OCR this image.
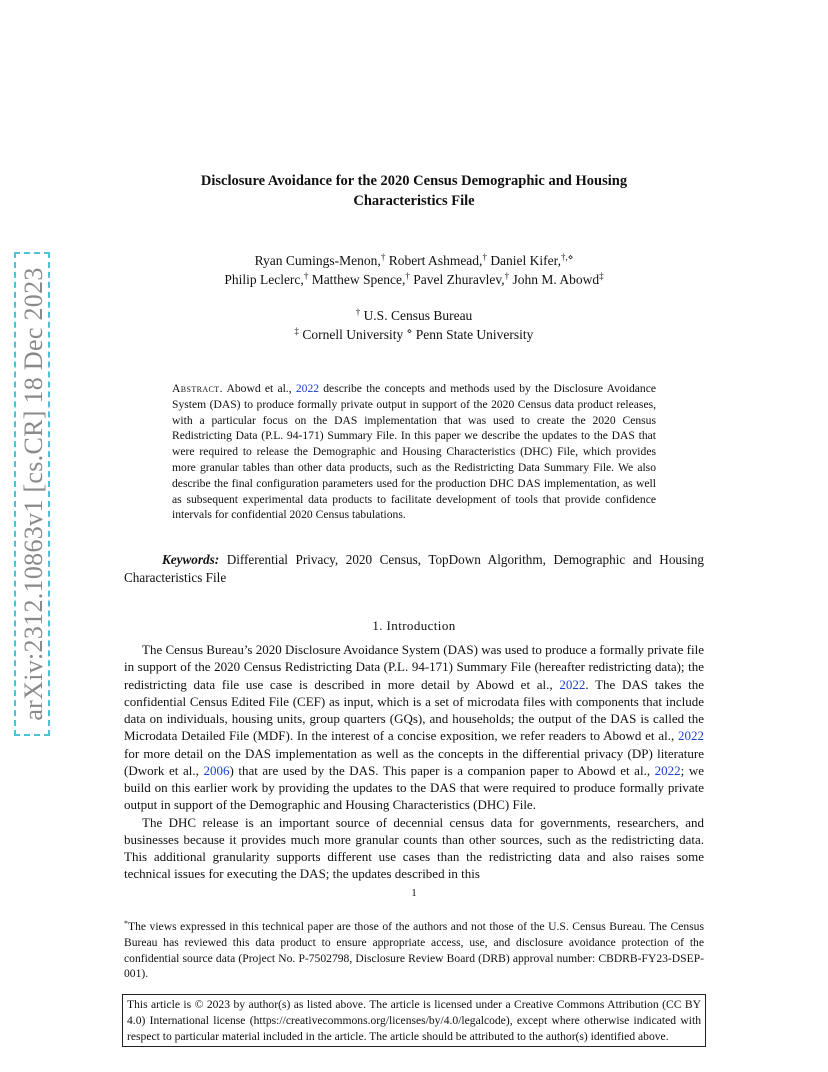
arXiv:2312.10863v1 [cs.CR] 18 Dec 2023
Disclosure Avoidance for the 2020 Census Demographic and Housing
Characteristics File
Ryan Cumings-Menon,† Robert Ashmead,† Daniel Kifer,†,⋄
Philip Leclerc,† Matthew Spence,† Pavel Zhuravlev,† John M. Abowd‡
† U.S. Census Bureau
‡ Cornell University ⋄ Penn State University
Abstract. Abowd et al., 2022 describe the concepts and methods used by the Disclosure Avoidance System (DAS) to produce formally private output in support of the 2020 Census data product releases, with a particular focus on the DAS implementation that was used to create the 2020 Census Redistricting Data (P.L. 94-171) Summary File. In this paper we describe the updates to the DAS that were required to release the Demographic and Housing Characteristics (DHC) File, which provides more granular tables than other data products, such as the Redistricting Data Summary File. We also describe the final configuration parameters used for the production DHC DAS implementation, as well as subsequent experimental data products to facilitate development of tools that provide confidence intervals for confidential 2020 Census tabulations.
Keywords: Differential Privacy, 2020 Census, TopDown Algorithm, Demographic and Housing Characteristics File
1. Introduction

The Census Bureau’s 2020 Disclosure Avoidance System (DAS) was used to produce a formally private file in support of the 2020 Census Redistricting Data (P.L. 94-171) Summary File (hereafter redistricting data); the redistricting data file use case is described in more detail by Abowd et al., 2022. The DAS takes the confidential Census Edited File (CEF) as input, which is a set of microdata files with components that include data on individuals, housing units, group quarters (GQs), and households; the output of the DAS is called the Microdata Detailed File (MDF). In the interest of a concise exposition, we refer readers to Abowd et al., 2022 for more detail on the DAS implementation as well as the concepts in the differential privacy (DP) literature (Dwork et al., 2006) that are used by the DAS. This paper is a companion paper to Abowd et al., 2022; we build on this earlier work by providing the updates to the DAS that were required to produce formally private output in support of the Demographic and Housing Characteristics (DHC) File.

The DHC release is an important source of decennial census data for governments, researchers, and businesses because it provides much more granular counts than other sources, such as the redistricting data. This additional granularity supports different use cases than the redistricting data and also raises some technical issues for executing the DAS; the updates described in this

1
*The views expressed in this technical paper are those of the authors and not those of the U.S. Census Bureau. The Census Bureau has reviewed this data product to ensure appropriate access, use, and disclosure avoidance protection of the confidential source data (Project No. P-7502798, Disclosure Review Board (DRB) approval number: CBDRB-FY23-DSEP-001).
This article is © 2023 by author(s) as listed above. The article is licensed under a Creative Commons Attribution (CC BY 4.0) International license (https://creativecommons.org/licenses/by/4.0/legalcode), except where otherwise indicated with respect to particular material included in the article. The article should be attributed to the author(s) identified above.
